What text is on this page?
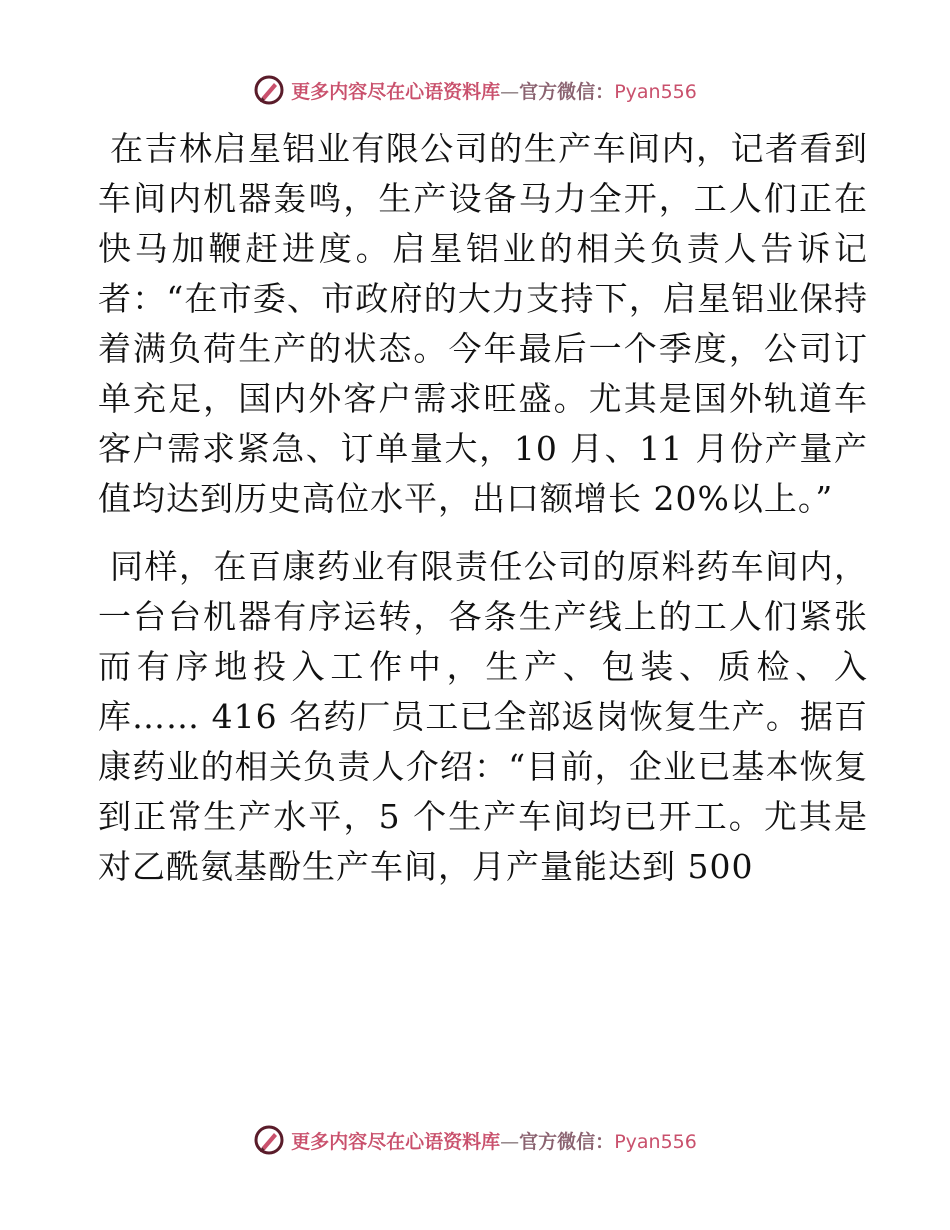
更多内容尽在心语资料库—官方微信：Pyan556

在吉林启星铝业有限公司的生产车间内，记者看到车间内机器轰鸣，生产设备马力全开，工人们正在快马加鞭赶进度。启星铝业的相关负责人告诉记者：“在市委、市政府的大力支持下，启星铝业保持着满负荷生产的状态。今年最后一个季度，公司订单充足，国内外客户需求旺盛。尤其是国外轨道车客户需求紧急、订单量大，10 月、11 月份产量产值均达到历史高位水平，出口额增长 20%以上。”

同样，在百康药业有限责任公司的原料药车间内，一台台机器有序运转，各条生产线上的工人们紧张而有序地投入工作中，生产、包装、质检、入库…… 416 名药厂员工已全部返岗恢复生产。据百康药业的相关负责人介绍：“目前，企业已基本恢复到正常生产水平，5 个生产车间均已开工。尤其是对乙酰氨基酚生产车间，月产量能达到 500

更多内容尽在心语资料库—官方微信：Pyan556
